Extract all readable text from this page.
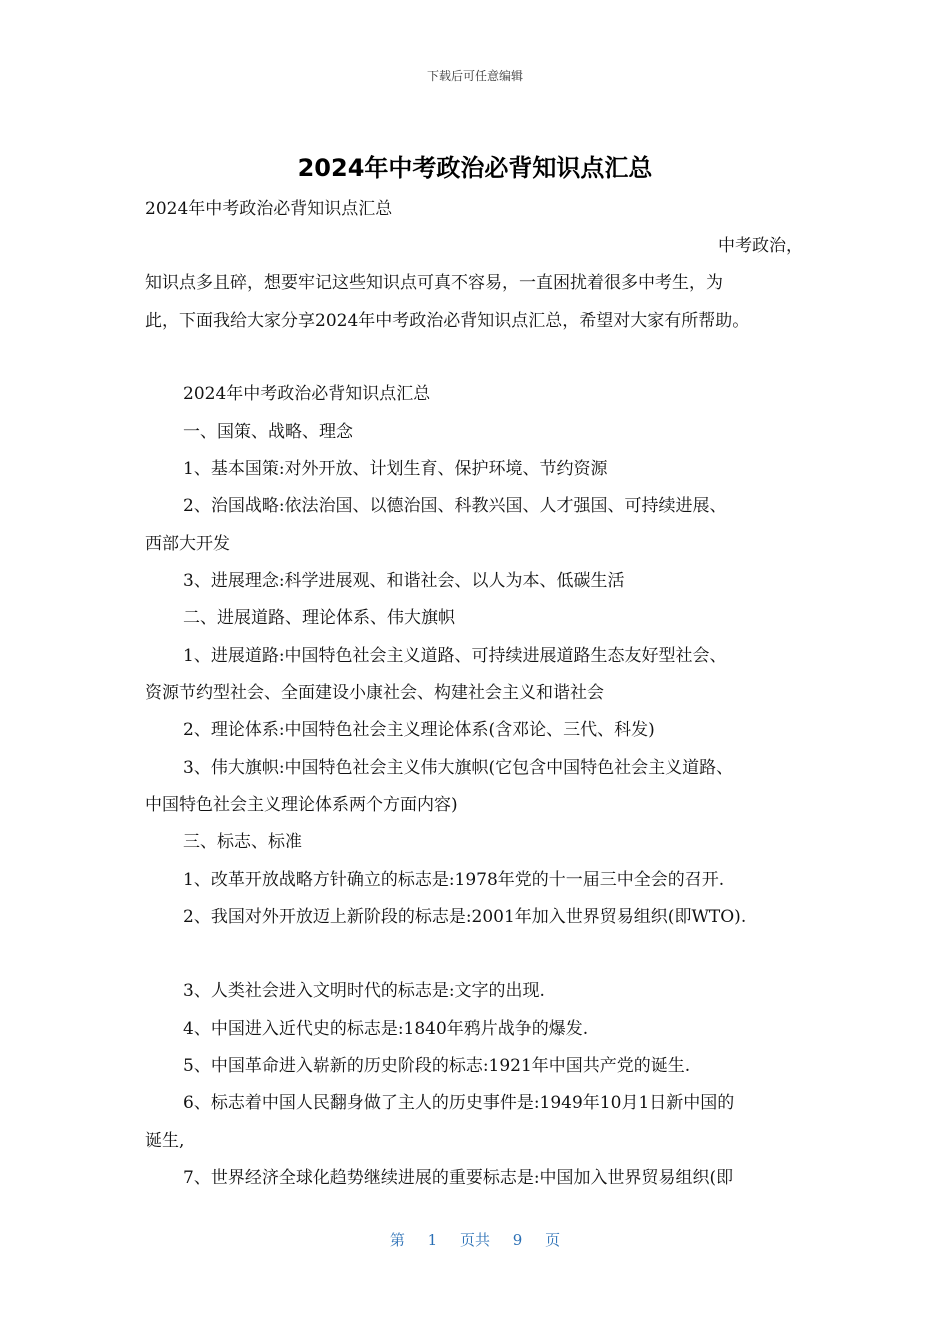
下载后可任意编辑
2024年中考政治必背知识点汇总
2024年中考政治必背知识点汇总
中考政治，
知识点多且碎，想要牢记这些知识点可真不容易，一直困扰着很多中考生，为
此，下面我给大家分享2024年中考政治必背知识点汇总，希望对大家有所帮助。
2024年中考政治必背知识点汇总
一、国策、战略、理念
1、基本国策:对外开放、计划生育、保护环境、节约资源
2、治国战略:依法治国、以德治国、科教兴国、人才强国、可持续进展、
西部大开发
3、进展理念:科学进展观、和谐社会、以人为本、低碳生活
二、进展道路、理论体系、伟大旗帜
1、进展道路:中国特色社会主义道路、可持续进展道路生态友好型社会、
资源节约型社会、全面建设小康社会、构建社会主义和谐社会
2、理论体系:中国特色社会主义理论体系(含邓论、三代、科发)
3、伟大旗帜:中国特色社会主义伟大旗帜(它包含中国特色社会主义道路、
中国特色社会主义理论体系两个方面内容)
三、标志、标准
1、改革开放战略方针确立的标志是:1978年党的十一届三中全会的召开.
2、我国对外开放迈上新阶段的标志是:2001年加入世界贸易组织(即WTO).
3、人类社会进入文明时代的标志是:文字的出现.
4、中国进入近代史的标志是:1840年鸦片战争的爆发.
5、中国革命进入崭新的历史阶段的标志:1921年中国共产党的诞生.
6、标志着中国人民翻身做了主人的历史事件是:1949年10月1日新中国的
诞生,
7、世界经济全球化趋势继续进展的重要标志是:中国加入世界贸易组织(即
第 1 页共 9 页
